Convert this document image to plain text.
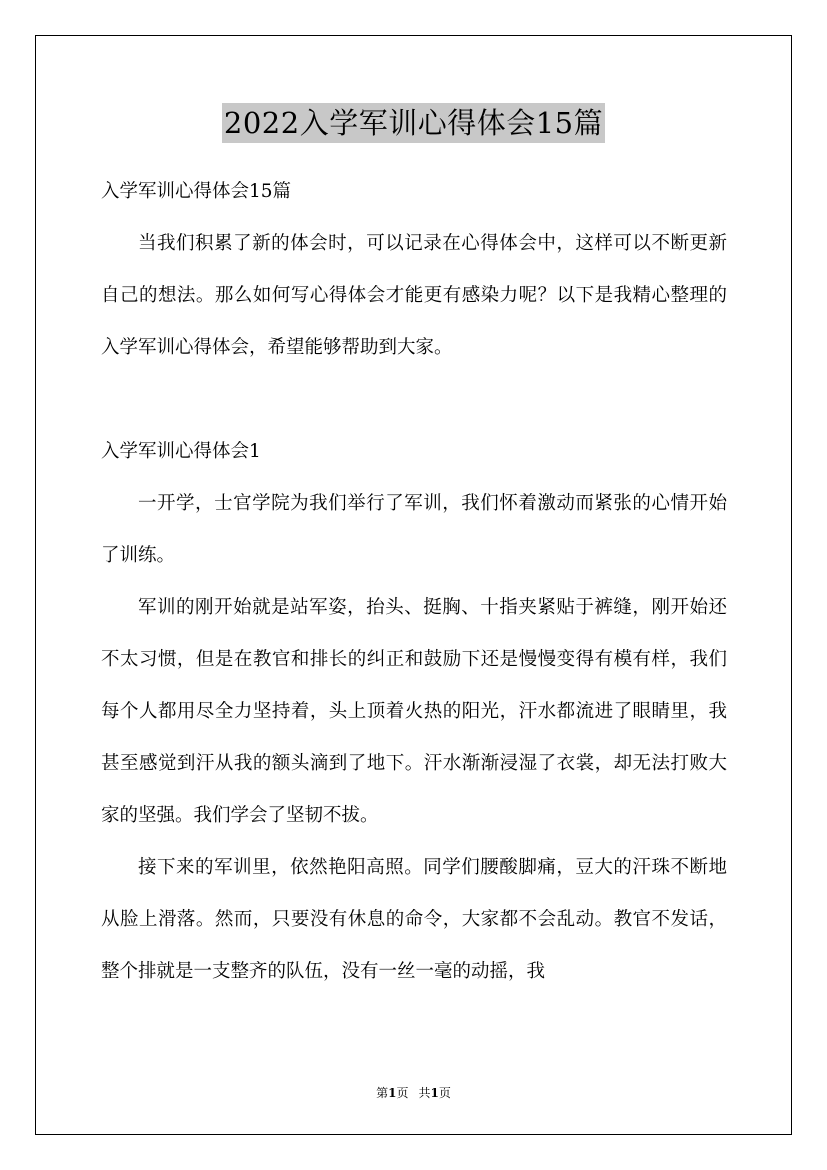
2022入学军训心得体会15篇

入学军训心得体会15篇

当我们积累了新的体会时，可以记录在心得体会中，这样可以不断更新自己的想法。那么如何写心得体会才能更有感染力呢？以下是我精心整理的入学军训心得体会，希望能够帮助到大家。

入学军训心得体会1

一开学，士官学院为我们举行了军训，我们怀着激动而紧张的心情开始了训练。

军训的刚开始就是站军姿，抬头、挺胸、十指夹紧贴于裤缝，刚开始还不太习惯，但是在教官和排长的纠正和鼓励下还是慢慢变得有模有样，我们每个人都用尽全力坚持着，头上顶着火热的阳光，汗水都流进了眼睛里，我甚至感觉到汗从我的额头滴到了地下。汗水渐渐浸湿了衣裳，却无法打败大家的坚强。我们学会了坚韧不拔。

接下来的军训里，依然艳阳高照。同学们腰酸脚痛，豆大的汗珠不断地从脸上滑落。然而，只要没有休息的命令，大家都不会乱动。教官不发话，整个排就是一支整齐的队伍，没有一丝一毫的动摇，我

第1页 共1页
